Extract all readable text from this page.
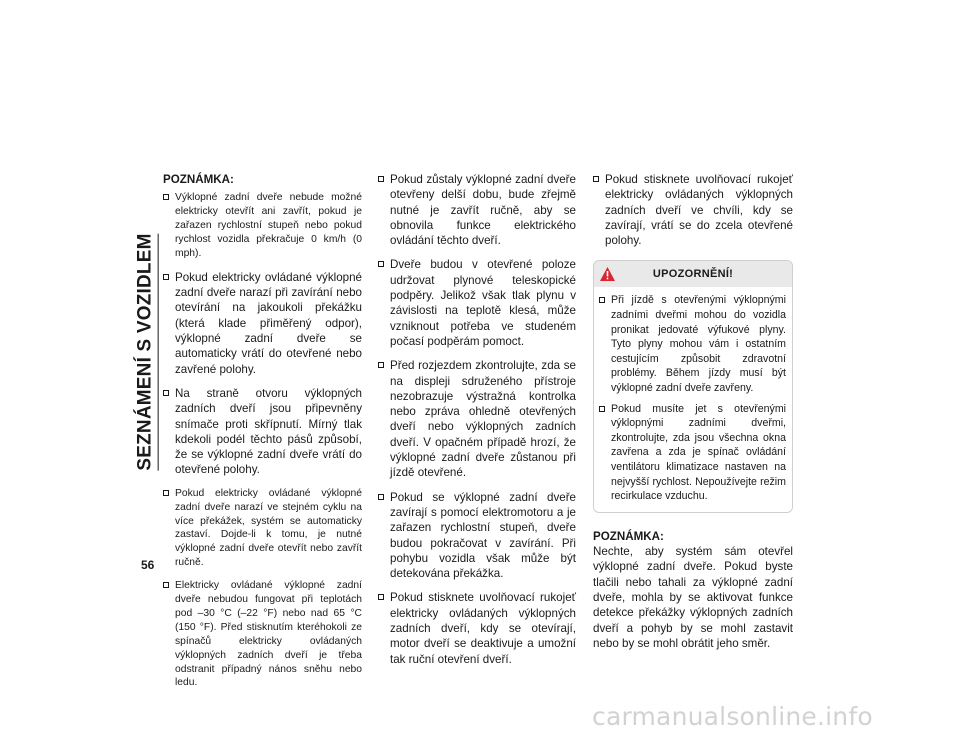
SEZNÁMENÍ S VOZIDLEM
56
POZNÁMKA:
Výklopné zadní dveře nebude možné elektricky otevřít ani zavřít, pokud je zařazen rychlostní stupeň nebo pokud rychlost vozidla překračuje 0 km/h (0 mph).
Pokud elektricky ovládané výklopné zadní dveře narazí při zavírání nebo otevírání na jakoukoli překážku (která klade přiměřený odpor), výklopné zadní dveře se automaticky vrátí do otevřené nebo zavřené polohy.
Na straně otvoru výklopných zadních dveří jsou připevněny snímače proti skřípnutí. Mírný tlak kdekoli podél těchto pásů způsobí, že se výklopné zadní dveře vrátí do otevřené polohy.
Pokud elektricky ovládané výklopné zadní dveře narazí ve stejném cyklu na více překážek, systém se automaticky zastaví. Dojde-li k tomu, je nutné výklopné zadní dveře otevřít nebo zavřít ručně.
Elektricky ovládané výklopné zadní dveře nebudou fungovat při teplotách pod –30 °C (–22 °F) nebo nad 65 °C (150 °F). Před stisknutím kteréhokoli ze spínačů elektricky ovládaných výklopných zadních dveří je třeba odstranit případný nános sněhu nebo ledu.
Pokud zůstaly výklopné zadní dveře otevřeny delší dobu, bude zřejmě nutné je zavřít ručně, aby se obnovila funkce elektrického ovládání těchto dveří.
Dveře budou v otevřené poloze udržovat plynové teleskopické podpěry. Jelikož však tlak plynu v závislosti na teplotě klesá, může vzniknout potřeba ve studeném počasí podpěrám pomoct.
Před rozjezdem zkontrolujte, zda se na displeji sdruženého přístroje nezobrazuje výstražná kontrolka nebo zpráva ohledně otevřených dveří nebo výklopných zadních dveří. V opačném případě hrozí, že výklopné zadní dveře zůstanou při jízdě otevřené.
Pokud se výklopné zadní dveře zavírají s pomocí elektromotoru a je zařazen rychlostní stupeň, dveře budou pokračovat v zavírání. Při pohybu vozidla však může být detekována překážka.
Pokud stisknete uvolňovací rukojeť elektricky ovládaných výklopných zadních dveří, kdy se otevírají, motor dveří se deaktivuje a umožní tak ruční otevření dveří.
Pokud stisknete uvolňovací rukojeť elektricky ovládaných výklopných zadních dveří ve chvíli, kdy se zavírají, vrátí se do zcela otevřené polohy.
UPOZORNĚNÍ!
Při jízdě s otevřenými výklopnými zadními dveřmi mohou do vozidla pronikat jedovaté výfukové plyny. Tyto plyny mohou vám i ostatním cestujícím způsobit zdravotní problémy. Během jízdy musí být výklopné zadní dveře zavřeny.
Pokud musíte jet s otevřenými výklopnými zadními dveřmi, zkontrolujte, zda jsou všechna okna zavřena a zda je spínač ovládání ventilátoru klimatizace nastaven na nejvyšší rychlost. Nepoužívejte režim recirkulace vzduchu.
POZNÁMKA:
Nechte, aby systém sám otevřel výklopné zadní dveře. Pokud byste tlačili nebo tahali za výklopné zadní dveře, mohla by se aktivovat funkce detekce překážky výklopných zadních dveří a pohyb by se mohl zastavit nebo by se mohl obrátit jeho směr.
carmanualsonline.info
